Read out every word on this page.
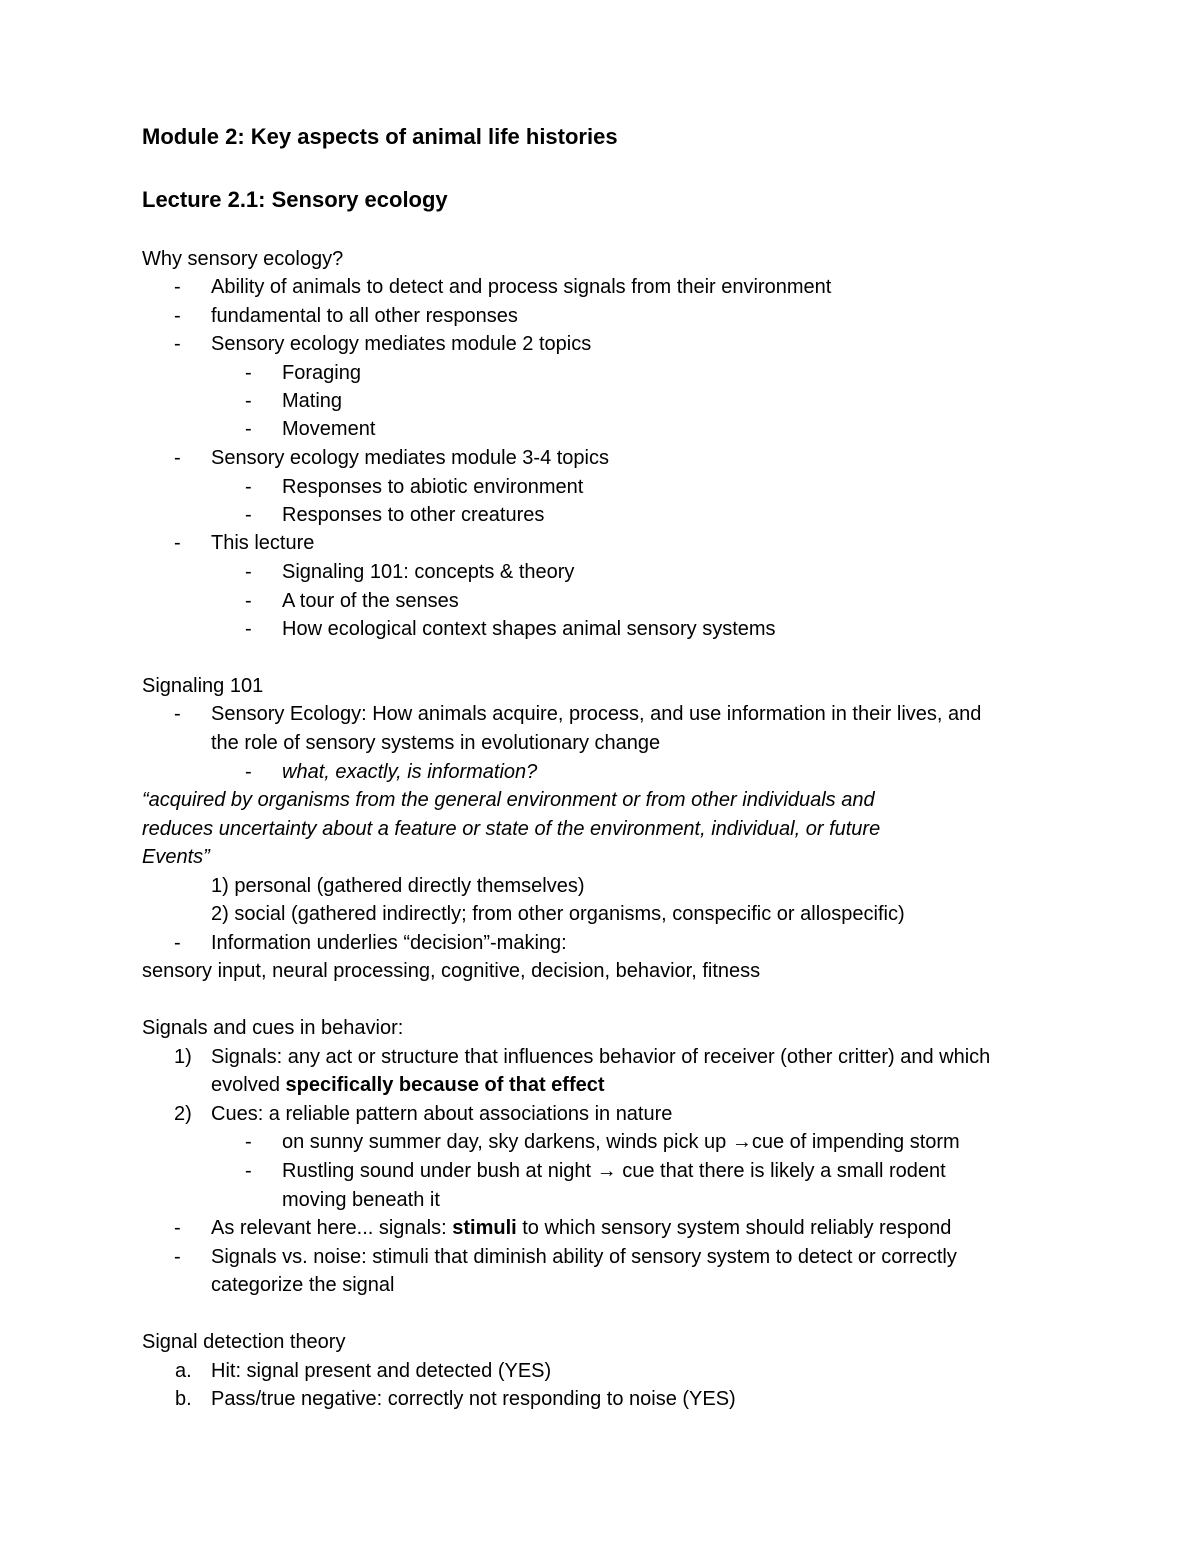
Module 2: Key aspects of animal life histories
Lecture 2.1: Sensory ecology
Why sensory ecology?
- Ability of animals to detect and process signals from their environment
- fundamental to all other responses
- Sensory ecology mediates module 2 topics
- Foraging
- Mating
- Movement
- Sensory ecology mediates module 3-4 topics
- Responses to abiotic environment
- Responses to other creatures
- This lecture
- Signaling 101: concepts & theory
- A tour of the senses
- How ecological context shapes animal sensory systems
Signaling 101
- Sensory Ecology: How animals acquire, process, and use information in their lives, and
the role of sensory systems in evolutionary change
- what, exactly, is information?
“acquired by organisms from the general environment or from other individuals and
reduces uncertainty about a feature or state of the environment, individual, or future
Events”
1) personal (gathered directly themselves)
2) social (gathered indirectly; from other organisms, conspecific or allospecific)
- Information underlies “decision”-making:
sensory input, neural processing, cognitive, decision, behavior, fitness
Signals and cues in behavior:
1) Signals: any act or structure that influences behavior of receiver (other critter) and which
evolved specifically because of that effect
2) Cues: a reliable pattern about associations in nature
- on sunny summer day, sky darkens, winds pick up →cue of impending storm
- Rustling sound under bush at night → cue that there is likely a small rodent
moving beneath it
- As relevant here... signals: stimuli to which sensory system should reliably respond
- Signals vs. noise: stimuli that diminish ability of sensory system to detect or correctly
categorize the signal
Signal detection theory
a. Hit: signal present and detected (YES)
b. Pass/true negative: correctly not responding to noise (YES)
